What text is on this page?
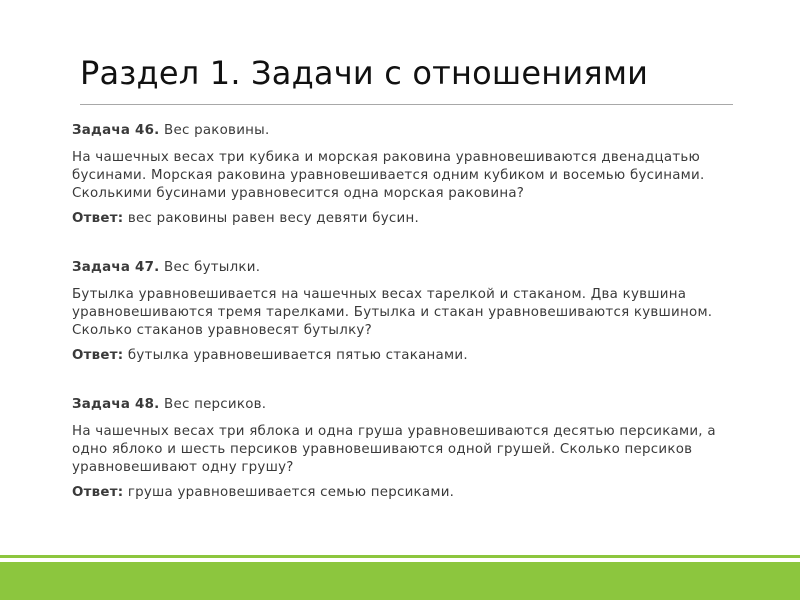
Раздел 1. Задачи с отношениями

Задача 46. Вес раковины.

На чашечных весах три кубика и морская раковина уравновешиваются двенадцатью бусинами. Морская раковина уравновешивается одним кубиком и восемью бусинами. Сколькими бусинами уравновесится одна морская раковина?

Ответ: вес раковины равен весу девяти бусин.

Задача 47. Вес бутылки.

Бутылка уравновешивается на чашечных весах тарелкой и стаканом. Два кувшина уравновешиваются тремя тарелками. Бутылка и стакан уравновешиваются кувшином. Сколько стаканов уравновесят бутылку?

Ответ: бутылка уравновешивается пятью стаканами.

Задача 48. Вес персиков.

На чашечных весах три яблока и одна груша уравновешиваются десятью персиками, а одно яблоко и шесть персиков уравновешиваются одной грушей. Сколько персиков уравновешивают одну грушу?

Ответ: груша уравновешивается семью персиками.
